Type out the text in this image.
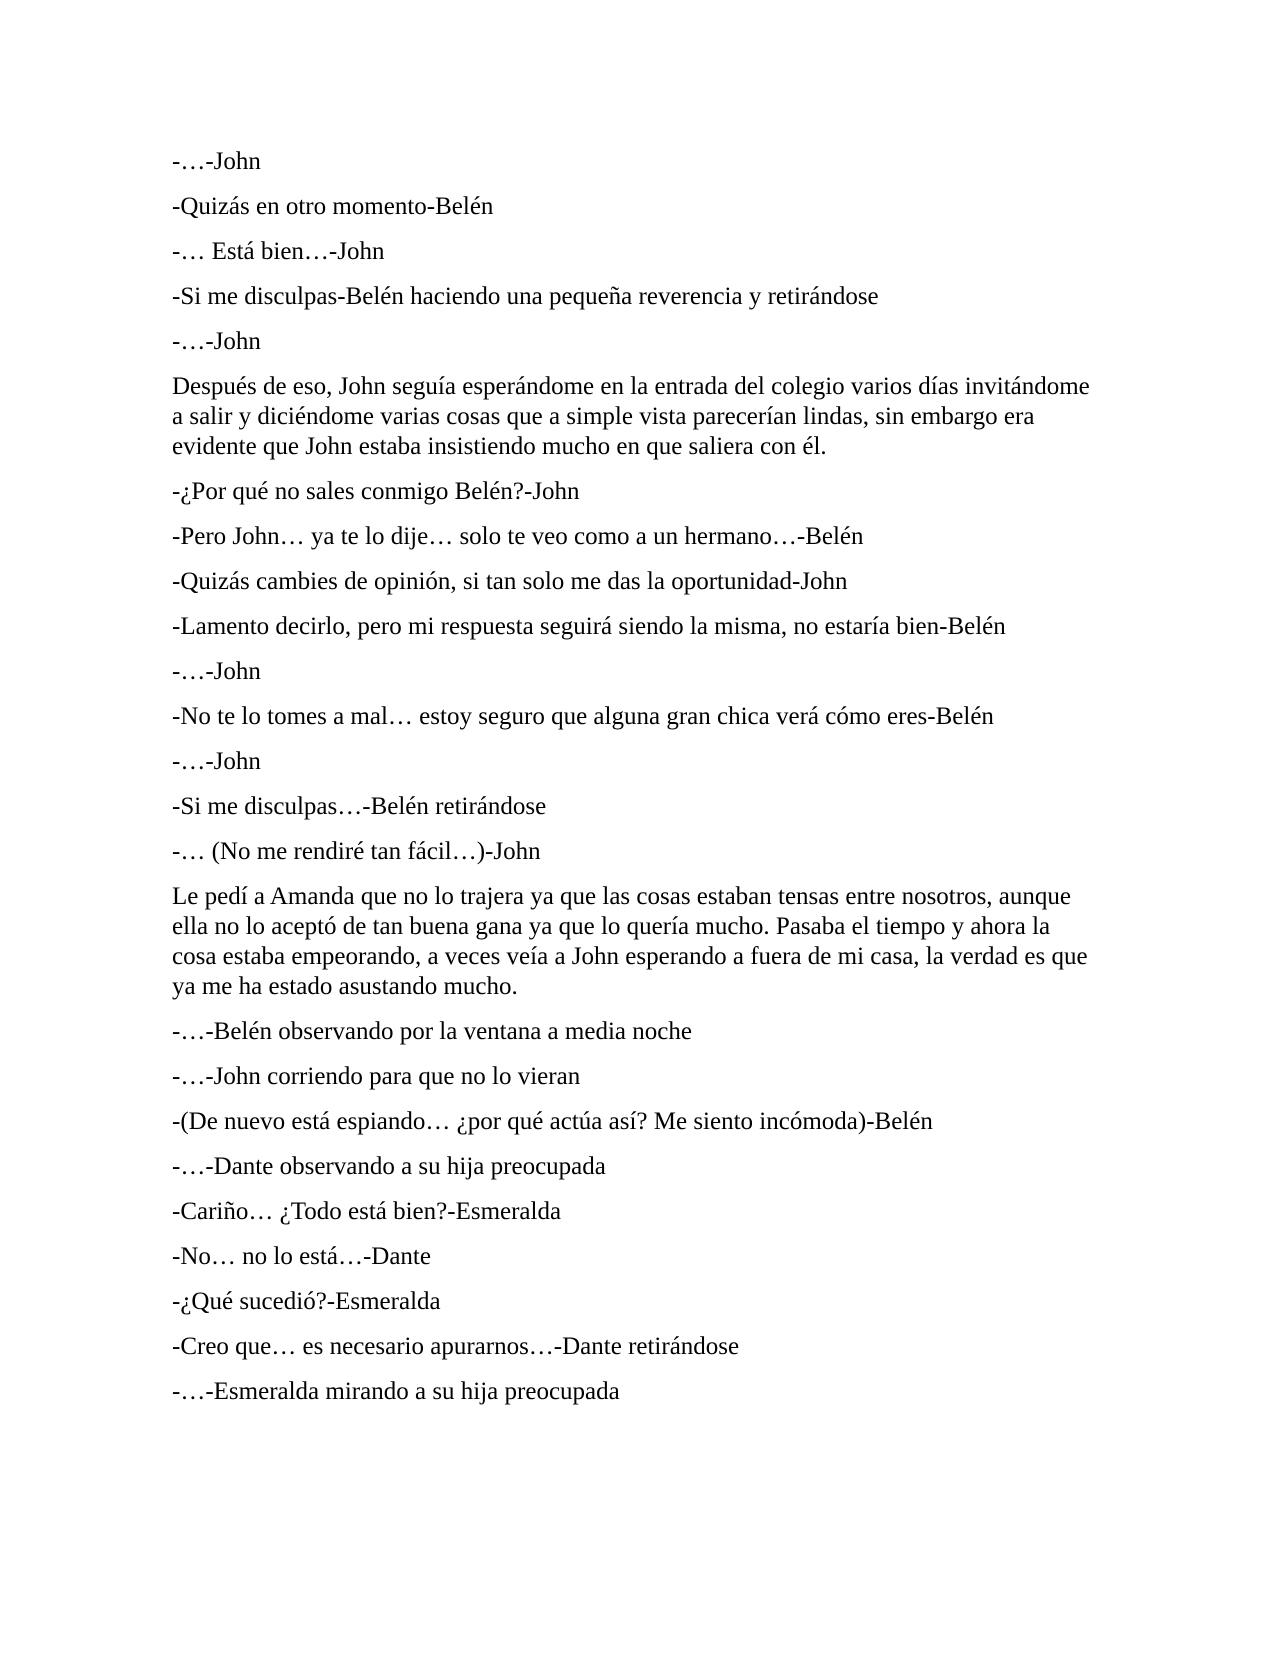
-…-John
-Quizás en otro momento-Belén
-… Está bien…-John
-Si me disculpas-Belén haciendo una pequeña reverencia y retirándose
-…-John
Después de eso, John seguía esperándome en la entrada del colegio varios días invitándome
a salir y diciéndome varias cosas que a simple vista parecerían lindas, sin embargo era
evidente que John estaba insistiendo mucho en que saliera con él.
-¿Por qué no sales conmigo Belén?-John
-Pero John… ya te lo dije… solo te veo como a un hermano…-Belén
-Quizás cambies de opinión, si tan solo me das la oportunidad-John
-Lamento decirlo, pero mi respuesta seguirá siendo la misma, no estaría bien-Belén
-…-John
-No te lo tomes a mal… estoy seguro que alguna gran chica verá cómo eres-Belén
-…-John
-Si me disculpas…-Belén retirándose
-… (No me rendiré tan fácil…)-John
Le pedí a Amanda que no lo trajera ya que las cosas estaban tensas entre nosotros, aunque
ella no lo aceptó de tan buena gana ya que lo quería mucho. Pasaba el tiempo y ahora la
cosa estaba empeorando, a veces veía a John esperando a fuera de mi casa, la verdad es que
ya me ha estado asustando mucho.
-…-Belén observando por la ventana a media noche
-…-John corriendo para que no lo vieran
-(De nuevo está espiando… ¿por qué actúa así? Me siento incómoda)-Belén
-…-Dante observando a su hija preocupada
-Cariño… ¿Todo está bien?-Esmeralda
-No… no lo está…-Dante
-¿Qué sucedió?-Esmeralda
-Creo que… es necesario apurarnos…-Dante retirándose
-…-Esmeralda mirando a su hija preocupada
